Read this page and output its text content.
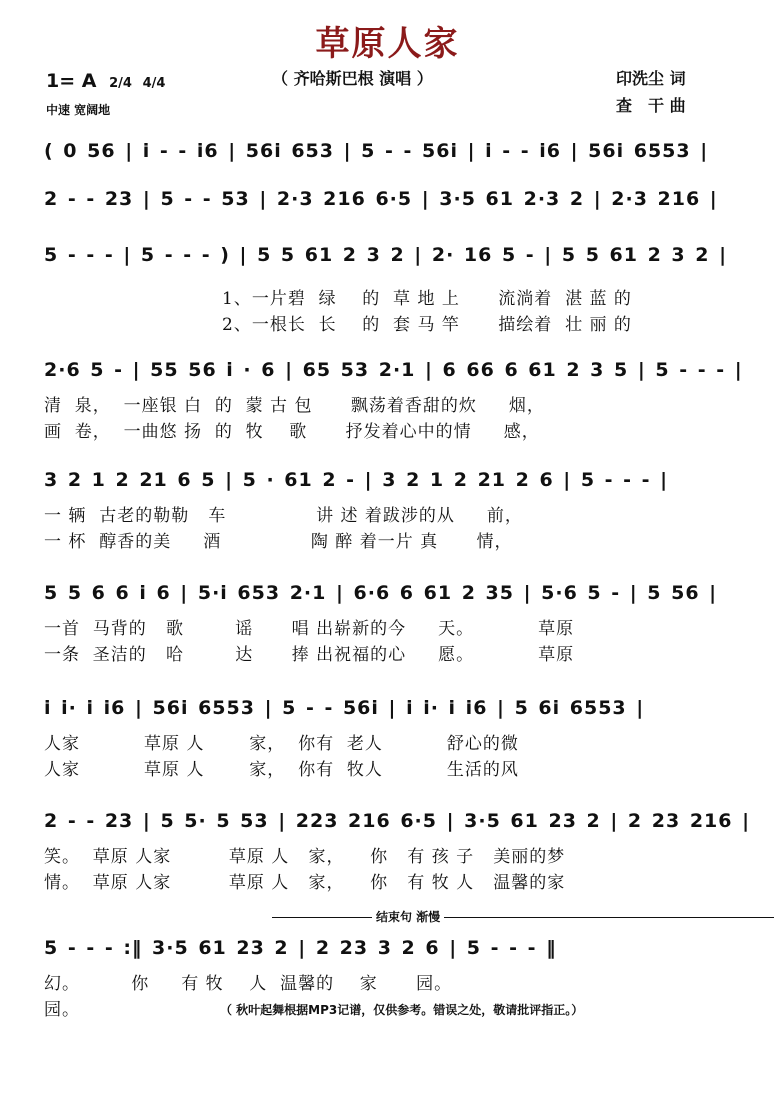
草原人家
（ 齐哈斯巴根 演唱 ）	印洗尘 词
查　干 曲
1= A 2/4 4/4
中速 宽阔地
( 0 56 | i - - i6 | 56i 653 | 5 - - 56i | i - - i6 | 56i 6553 |
2 - - 23 | 5 - - 53 | 2·3 216 6·5 | 3·5 61 2·3 2 | 2·3 216 |
5 - - - | 5 - - - ) | 5 5 61 2 3 2 | 2· 16 5 - | 5 5 61 2 3 2 |
1、一片碧  绿    的  草 地 上      流淌着  湛 蓝 的
2、一根长  长    的  套 马 竿      描绘着  壮 丽 的
2·6 5 - | 55 56 i · 6 | 65 53 2·1 | 6 66 6 61 2 3 5 | 5 - - - |
清  泉，  一座银 白  的  蒙 古 包      飘荡着香甜的炊     烟，
画  卷，  一曲悠 扬  的  牧    歌      抒发着心中的情     感，
3 2 1 2 21 6 5 | 5 · 61 2 - | 3 2 1 2 21 2 6 | 5 - - - |
一 辆  古老的勒勒   车              讲 述 着跋涉的从     前，
一 杯  醇香的美     酒              陶 醉 着一片 真      情，
5 5 6 6 i 6 | 5·i 653 2·1 | 6·6 6 61 2 35 | 5·6 5 - | 5 56 |
一首  马背的   歌        谣      唱 出崭新的今     天。          草原
一条  圣洁的   哈        达      捧 出祝福的心     愿。          草原
i i· i i6 | 56i 6553 | 5 - - 56i | i i· i i6 | 5 6i 6553 |
人家          草原 人       家，  你有  老人          舒心的微
人家          草原 人       家，  你有  牧人          生活的风
2 - - 23 | 5 5· 5 53 | 223 216 6·5 | 3·5 61 23 2 | 2 23 216 |
笑。  草原 人家         草原 人   家，    你   有 孩 子   美丽的梦
情。  草原 人家         草原 人   家，    你   有 牧 人   温馨的家
5 - - - :‖ 3·5 61 23 2 | 2 23 3 2 6 | 5 - - - ‖
幻。        你     有 牧    人  温馨的    家      园。
园。
结束句 渐慢
（ 秋叶起舞根据MP3记谱，仅供参考。错误之处，敬请批评指正。）
